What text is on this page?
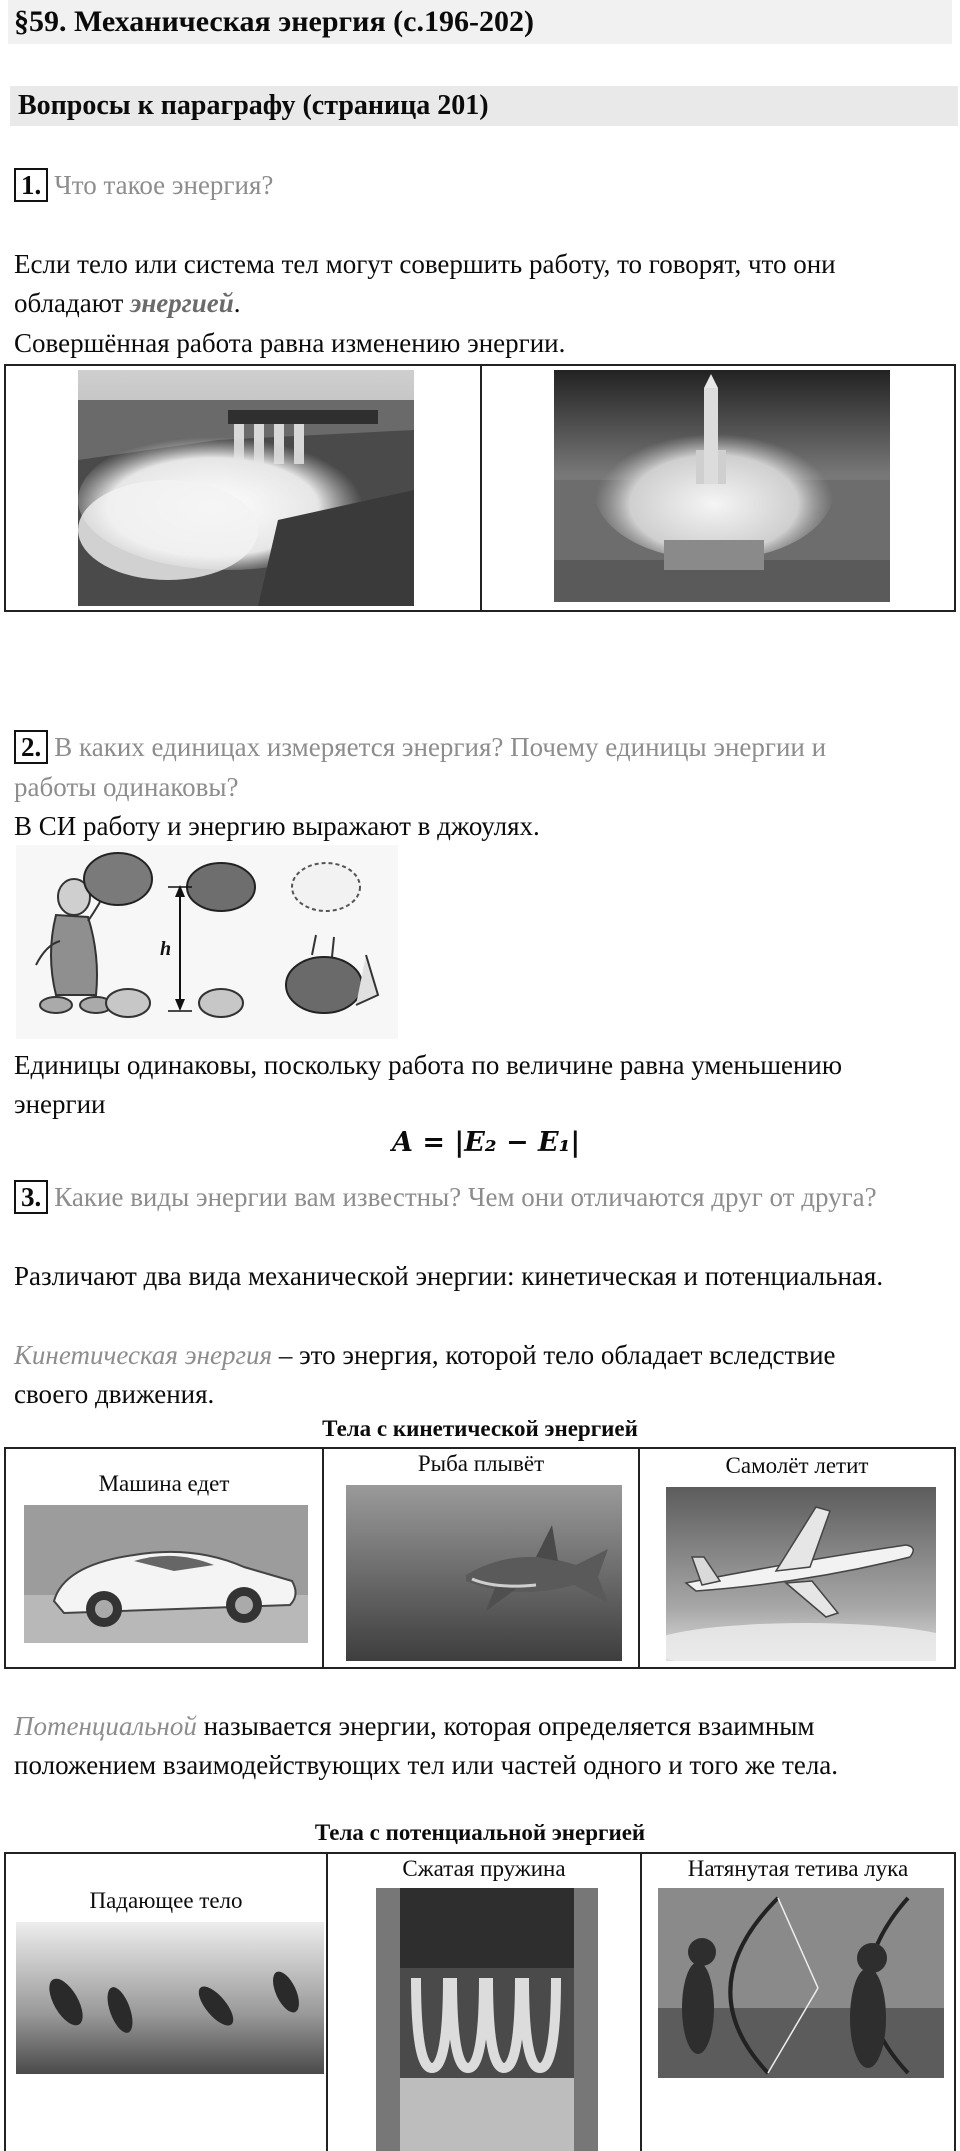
§59. Механическая энергия (с.196-202)
Вопросы к параграфу (страница 201)
1. Что такое энергия?
Если тело или система тел могут совершить работу, то говорят, что они
обладают энергией.
Совершённая работа равна изменению энергии.
2. В каких единицах измеряется энергия? Почему единицы энергии и
работы одинаковы?
В СИ работу и энергию выражают в джоулях.
h
Единицы одинаковы, поскольку работа по величине равна уменьшению
энергии
A = |E₂ − E₁|
3. Какие виды энергии вам известны? Чем они отличаются друг от друга?
Различают два вида механической энергии: кинетическая и потенциальная.
Кинетическая энергия – это энергия, которой тело обладает вследствие
своего движения.
Тела с кинетической энергией
Машина едет
Рыба плывёт	Самолёт летит
Потенциальной называется энергии, которая определяется взаимным
положением взаимодействующих тел или частей одного и того же тела.
Тела с потенциальной энергией
Падающее тело
Сжатая пружина	Натянутая тетива лука
